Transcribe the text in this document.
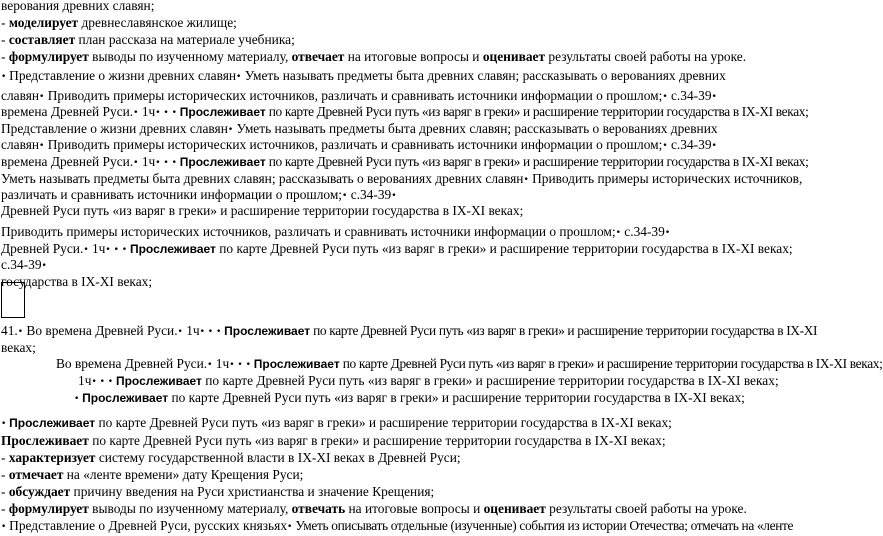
верования древних славян;
- моделирует древнеславянское жилище;
- составляет план рассказа на материале учебника;
- формулирует выводы по изученному материалу, отвечает на итоговые вопросы и оценивает результаты своей работы на уроке.
• Представление о жизни древних славян• Уметь называть предметы быта древних славян; рассказывать о верованиях древних
славян• Приводить примеры исторических источников, различать и сравнивать источники информации о прошлом;• с.34-39•
времена Древней Руси.• 1ч• • • Прослеживает по карте Древней Руси путь «из варяг в греки» и расширение территории государства в IX-XI веках;
Представление о жизни древних славян• Уметь называть предметы быта древних славян; рассказывать о верованиях древних
славян• Приводить примеры исторических источников, различать и сравнивать источники информации о прошлом;• с.34-39•
времена Древней Руси.• 1ч• • • Прослеживает по карте Древней Руси путь «из варяг в греки» и расширение территории государства в IX-XI веках;
Уметь называть предметы быта древних славян; рассказывать о верованиях древних славян• Приводить примеры исторических источников,
различать и сравнивать источники информации о прошлом;• с.34-39•
Древней Руси путь «из варяг в греки» и расширение территории государства в IX-XI веках;
Приводить примеры исторических источников, различать и сравнивать источники информации о прошлом;• с.34-39•
Древней Руси.• 1ч• • • Прослеживает по карте Древней Руси путь «из варяг в греки» и расширение территории государства в IX-XI веках;
с.34-39•
государства в IX-XI веках;
41.• Во времена Древней Руси.• 1ч• • • Прослеживает по карте Древней Руси путь «из варяг в греки» и расширение территории государства в IX-XI
веках;
Во времена Древней Руси.• 1ч• • • Прослеживает по карте Древней Руси путь «из варяг в греки» и расширение территории государства в IX-XI веках;
1ч• • • Прослеживает по карте Древней Руси путь «из варяг в греки» и расширение территории государства в IX-XI веках;
• Прослеживает по карте Древней Руси путь «из варяг в греки» и расширение территории государства в IX-XI веках;
• Прослеживает по карте Древней Руси путь «из варяг в греки» и расширение территории государства в IX-XI веках;
Прослеживает по карте Древней Руси путь «из варяг в греки» и расширение территории государства в IX-XI веках;
- характеризует систему государственной власти в IX-XI веках в Древней Руси;
- отмечает на «ленте времени» дату Крещения Руси;
- обсуждает причину введения на Руси христианства и значение Крещения;
- формулирует выводы по изученному материалу, отвечать на итоговые вопросы и оценивает результаты своей работы на уроке.
• Представление о Древней Руси, русских князьях• Уметь описывать отдельные (изученные) события из истории Отечества; отмечать на «ленте
